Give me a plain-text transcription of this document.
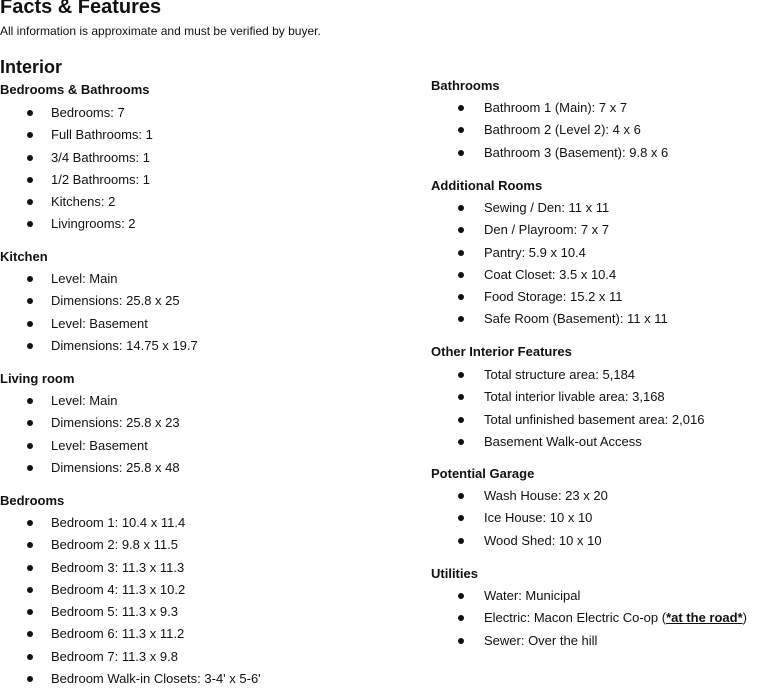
Facts & Features

All information is approximate and must be verified by buyer.

Interior
Bedrooms & Bathrooms
Bedrooms: 7
Full Bathrooms: 1
3/4 Bathrooms: 1
1/2 Bathrooms: 1
Kitchens: 2
Livingrooms: 2
Kitchen
Level: Main
Dimensions: 25.8 x 25
Level: Basement
Dimensions: 14.75 x 19.7
Living room
Level: Main
Dimensions: 25.8 x 23
Level: Basement
Dimensions: 25.8 x 48
Bedrooms
Bedroom 1: 10.4 x 11.4
Bedroom 2: 9.8 x 11.5
Bedroom 3: 11.3 x 11.3
Bedroom 4: 11.3 x 10.2
Bedroom 5: 11.3 x 9.3
Bedroom 6: 11.3 x 11.2
Bedroom 7: 11.3 x 9.8
Bedroom Walk-in Closets: 3-4' x 5-6'
Bathrooms
Bathroom 1 (Main): 7 x 7
Bathroom 2 (Level 2): 4 x 6
Bathroom 3 (Basement): 9.8 x 6
Additional Rooms
Sewing / Den: 11 x 11
Den / Playroom: 7 x 7
Pantry: 5.9 x 10.4
Coat Closet: 3.5 x 10.4
Food Storage: 15.2 x 11
Safe Room (Basement): 11 x 11
Other Interior Features
Total structure area: 5,184
Total interior livable area: 3,168
Total unfinished basement area: 2,016
Basement Walk-out Access
Potential Garage
Wash House: 23 x 20
Ice House: 10 x 10
Wood Shed: 10 x 10
Utilities
Water: Municipal
Electric: Macon Electric Co-op (*at the road*)
Sewer: Over the hill
